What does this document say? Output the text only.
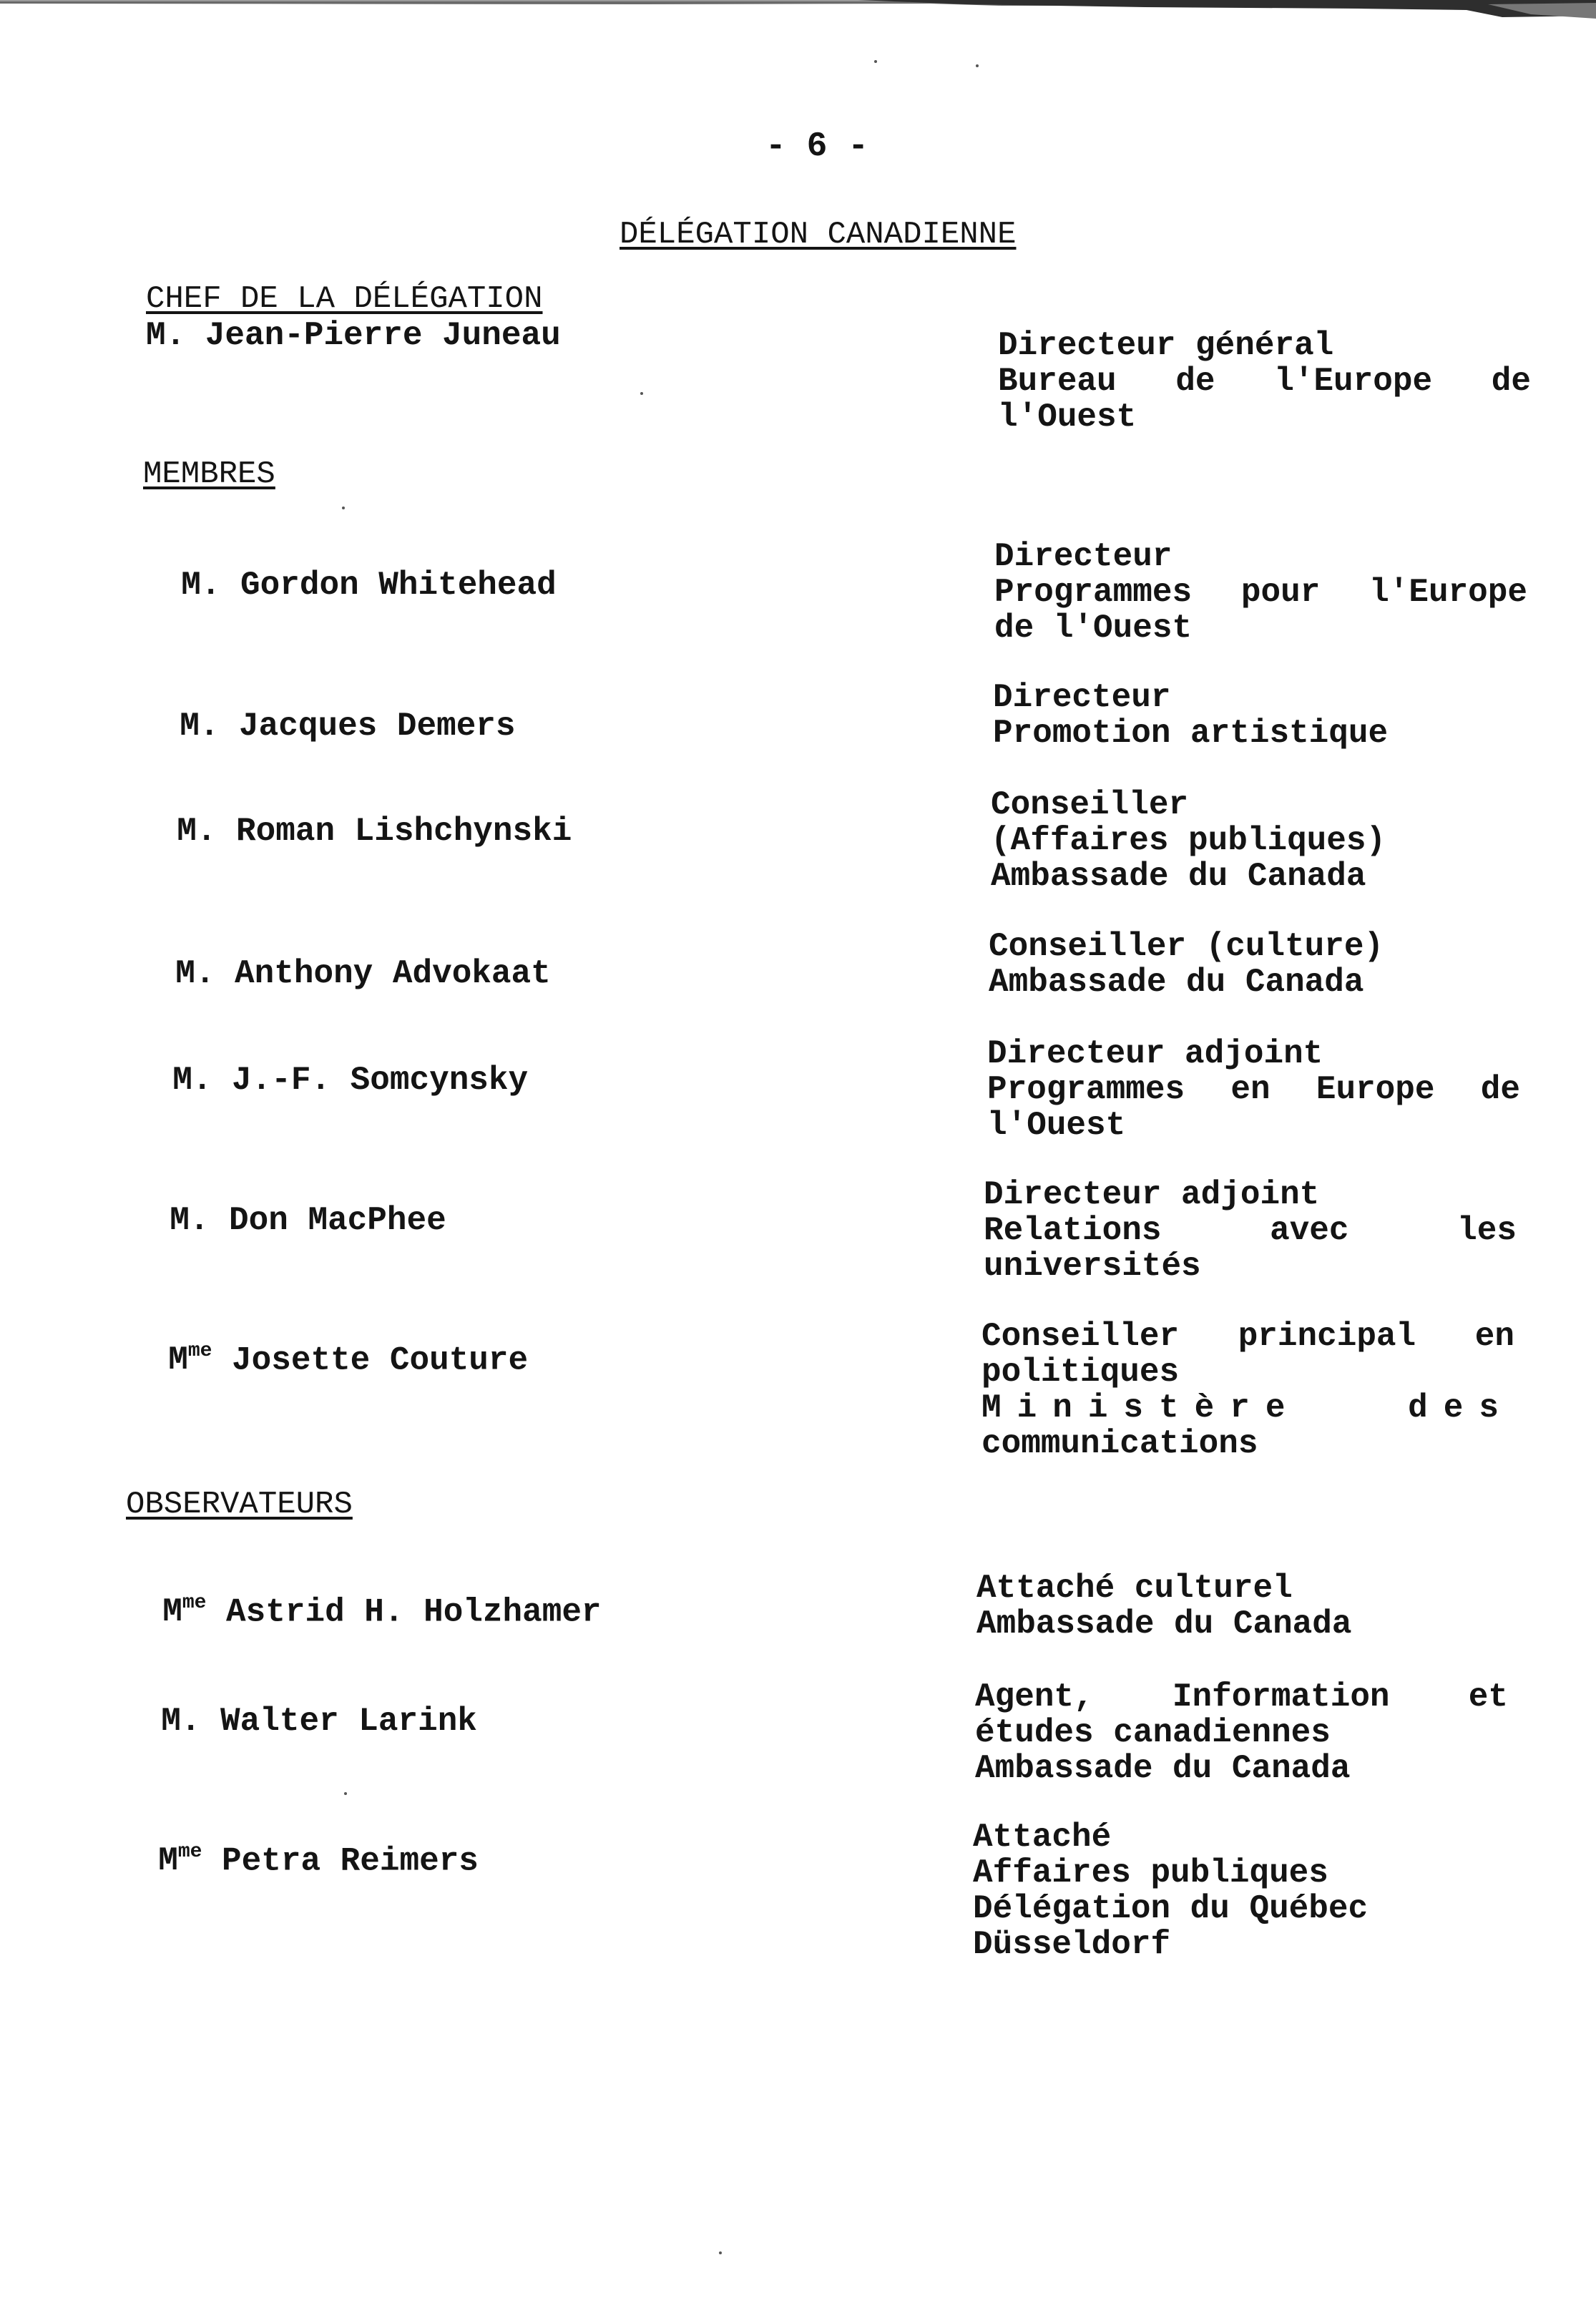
- 6 -
DÉLÉGATION CANADIENNE
CHEF DE LA DÉLÉGATION
M. Jean-Pierre Juneau	Directeur général
Bureau de l'Europe de
l'Ouest
MEMBRES

M. Gordon Whitehead

Directeur
Programmes pour l'Europe
de l'Ouest

M. Jacques Demers

Directeur
Promotion artistique

M. Roman Lishchynski

Conseiller
(Affaires publiques)
Ambassade du Canada

M. Anthony Advokaat

Conseiller (culture)
Ambassade du Canada

M. J.-F. Somcynsky

Directeur adjoint
Programmes en Europe de
l'Ouest

M. Don MacPhee

Directeur adjoint
Relations avec les
universités

$M^{me}$ Josette Couture

Conseiller principal en
politiques
Ministère des
communications
OBSERVATEURS

$M^{me}$ Astrid H. Holzhamer

Attaché culturel
Ambassade du Canada

M. Walter Larink

Agent, Information et
études canadiennes
Ambassade du Canada

$M^{me}$ Petra Reimers

Attaché
Affaires publiques
Délégation du Québec
Düsseldorf
